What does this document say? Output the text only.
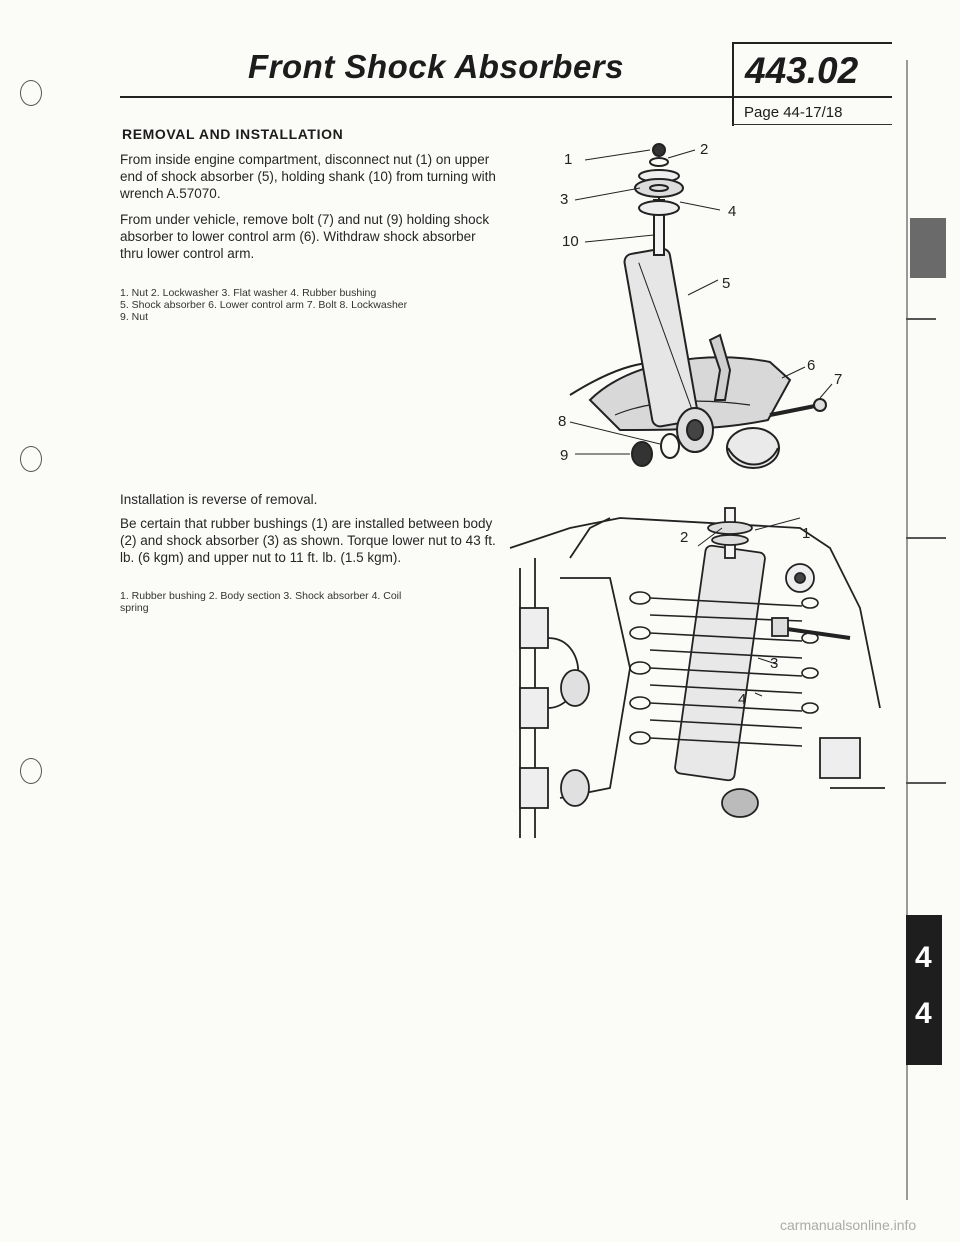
Front Shock Absorbers	443.02
Page 44-17/18
REMOVAL AND INSTALLATION
From inside engine compartment, disconnect nut (1) on upper end of shock absorber (5), holding shank (10) from turning with wrench A.57070.
From under vehicle, remove bolt (7) and nut (9) holding shock absorber to lower control arm (6). Withdraw shock absorber thru lower control arm.
1. Nut 2. Lockwasher 3. Flat washer 4. Rubber bushing
5. Shock absorber 6. Lower control arm 7. Bolt 8. Lockwasher
9. Nut
Installation is reverse of removal.
Be certain that rubber bushings (1) are installed between body (2) and shock absorber (3) as shown. Torque lower nut to 43 ft. lb. (6 kgm) and upper nut to 11 ft. lb. (1.5 kgm).
1. Rubber bushing 2. Body section 3. Shock absorber 4. Coil
spring
1
2
3
4
10
5
6
7
8
9
2	1
3
4
4
4
carmanualsonline.info
